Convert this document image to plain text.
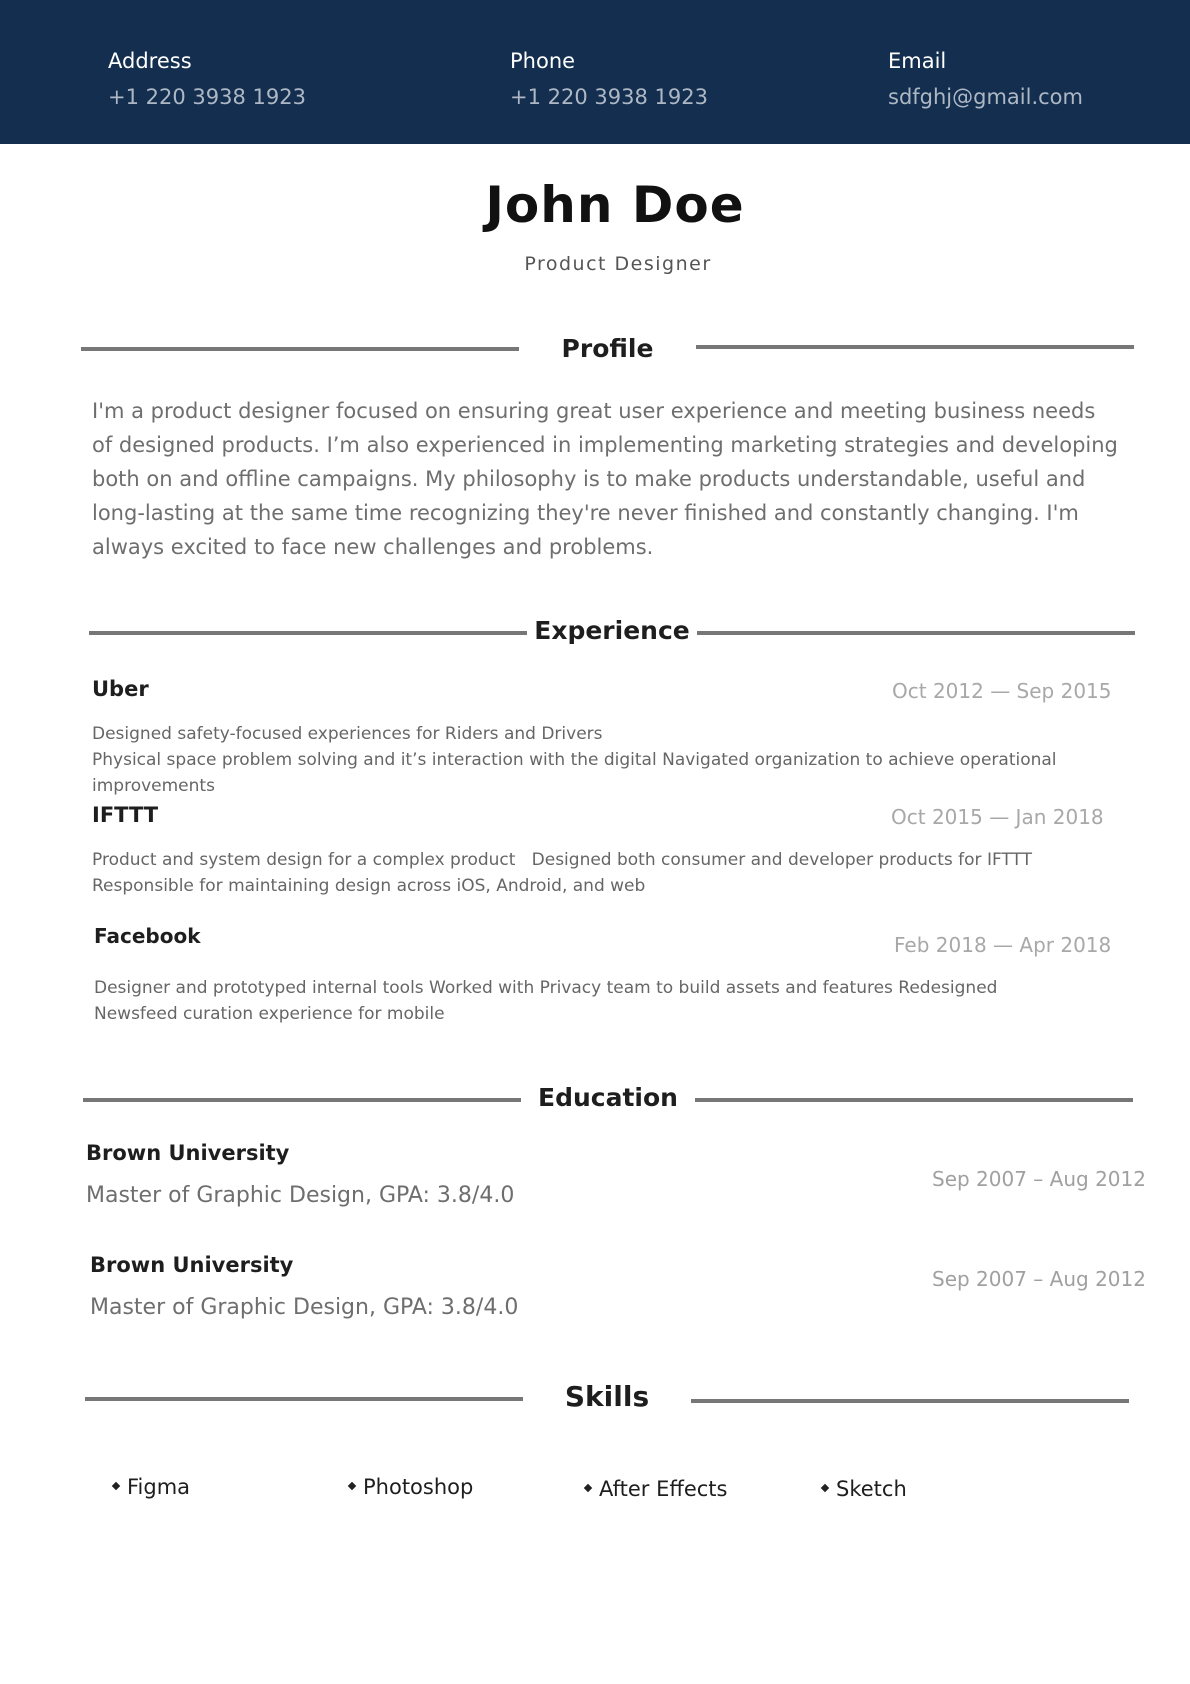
Address
+1 220 3938 1923
Phone
+1 220 3938 1923
Email
sdfghj@gmail.com
John Doe
Product Designer
Profile
I'm a product designer focused on ensuring great user experience and meeting business needs of designed products. I’m also experienced in implementing marketing strategies and developing both on and offline campaigns. My philosophy is to make products understandable, useful and long-lasting at the same time recognizing they're never finished and constantly changing. I'm always excited to face new challenges and problems.
Experience
Uber	Oct 2012 — Sep 2015
Designed safety-focused experiences for Riders and Drivers
Physical space problem solving and it’s interaction with the digital Navigated organization to achieve operational improvements
IFTTT	Oct 2015 — Jan 2018
Product and system design for a complex product   Designed both consumer and developer products for IFTTT
Responsible for maintaining design across iOS, Android, and web
Facebook	Feb 2018 — Apr 2018
Designer and prototyped internal tools Worked with Privacy team to build assets and features Redesigned Newsfeed curation experience for mobile
Education
Brown University
Master of Graphic Design, GPA: 3.8/4.0
Sep 2007 – Aug 2012
Brown University
Master of Graphic Design, GPA: 3.8/4.0
Sep 2007 – Aug 2012
Skills
Figma	Photoshop	After Effects	Sketch
